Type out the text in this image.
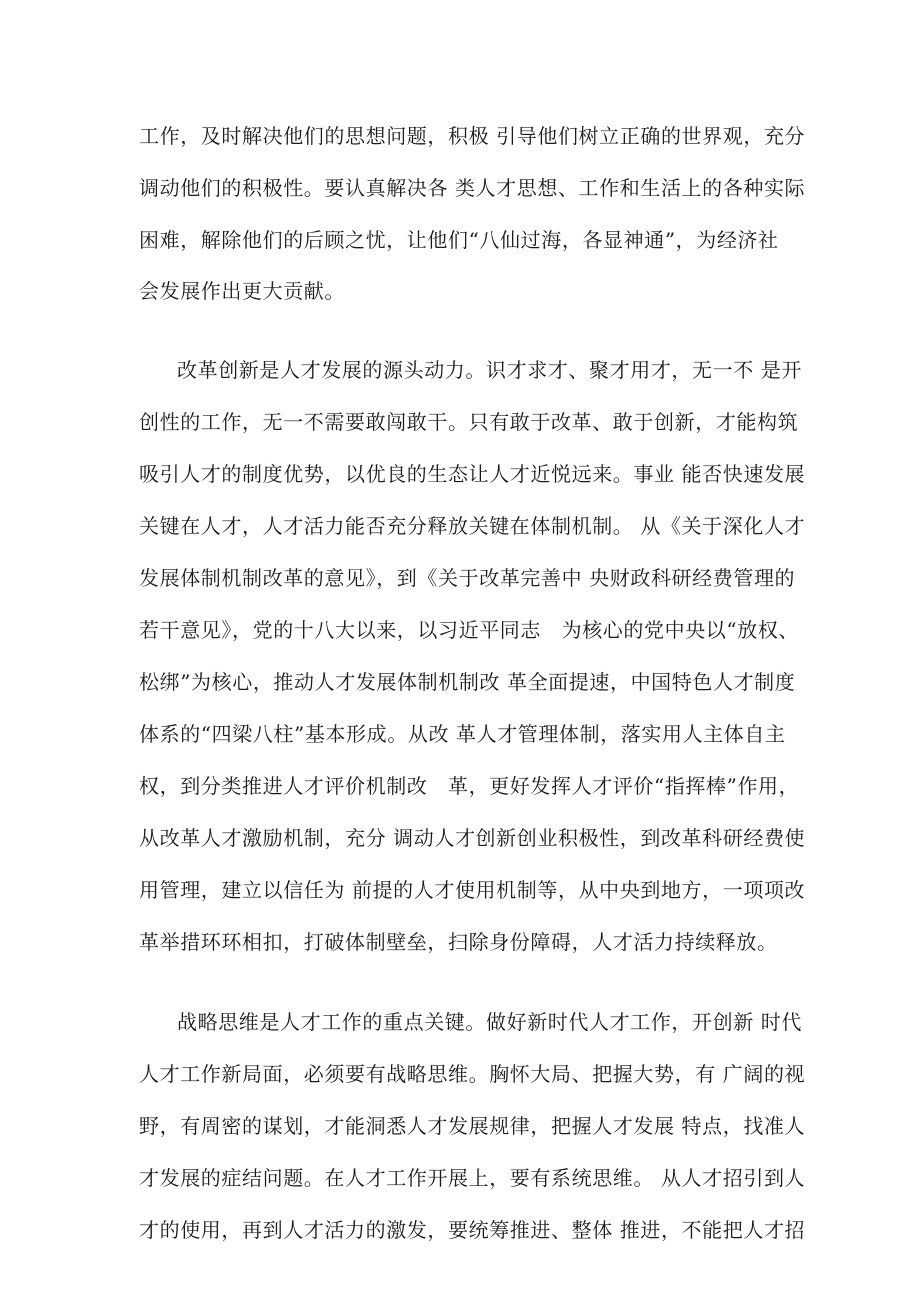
工作，及时解决他们的思想问题，积极 引导他们树立正确的世界观，充分

调动他们的积极性。要认真解决各 类人才思想、工作和生活上的各种实际

困难，解除他们的后顾之忧，让他们“八仙过海，各显神通”，为经济社

会发展作出更大贡献。

改革创新是人才发展的源头动力。识才求才、聚才用才，无一不 是开

创性的工作，无一不需要敢闯敢干。只有敢于改革、敢于创新，才能构筑

吸引人才的制度优势，以优良的生态让人才近悦远来。事业 能否快速发展

关键在人才，人才活力能否充分释放关键在体制机制。 从《关于深化人才

发展体制机制改革的意见》，到《关于改革完善中 央财政科研经费管理的

若干意见》，党的十八大以来，以习近平同志　为核心的党中央以“放权、

松绑”为核心，推动人才发展体制机制改 革全面提速，中国特色人才制度

体系的“四梁八柱”基本形成。从改 革人才管理体制，落实用人主体自主

权，到分类推进人才评价机制改　革，更好发挥人才评价“指挥棒”作用，

从改革人才激励机制，充分 调动人才创新创业积极性，到改革科研经费使

用管理，建立以信任为 前提的人才使用机制等，从中央到地方，一项项改

革举措环环相扣，打破体制壁垒，扫除身份障碍，人才活力持续释放。

战略思维是人才工作的重点关键。做好新时代人才工作，开创新 时代

人才工作新局面，必须要有战略思维。胸怀大局、把握大势，有 广阔的视

野，有周密的谋划，才能洞悉人才发展规律，把握人才发展 特点，找准人

才发展的症结问题。在人才工作开展上，要有系统思维。 从人才招引到人

才的使用，再到人才活力的激发，要统筹推进、整体 推进，不能把人才招
